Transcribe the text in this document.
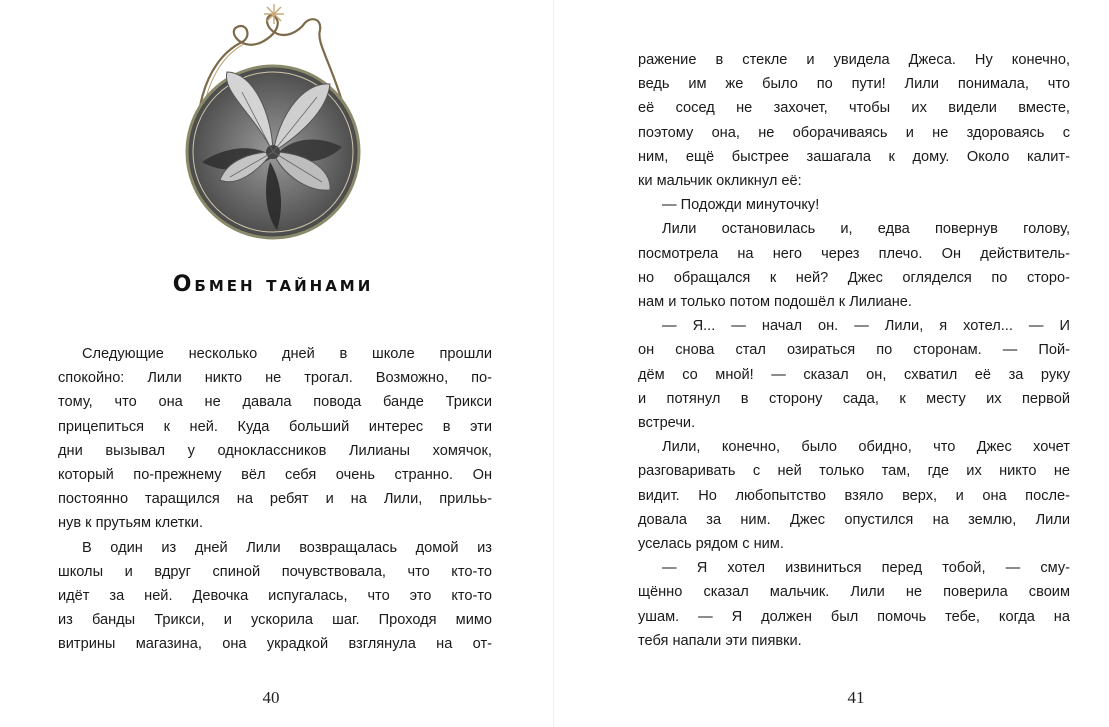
Обмен тайнами
Следующие несколько дней в школе прошли
спокойно: Лили никто не трогал. Возможно, по-
тому, что она не давала повода банде Трикси
прицепиться к ней. Куда больший интерес в эти
дни вызывал у одноклассников Лилианы хомячок,
который по-прежнему вёл себя очень странно. Он
постоянно таращился на ребят и на Лили, прильь-
нув к прутьям клетки.
В один из дней Лили возвращалась домой из
школы и вдруг спиной почувствовала, что кто-то
идёт за ней. Девочка испугалась, что это кто-то
из банды Трикси, и ускорила шаг. Проходя мимо
витрины магазина, она украдкой взглянула на от-
40
ражение в стекле и увидела Джеса. Ну конечно,
ведь им же было по пути! Лили понимала, что
её сосед не захочет, чтобы их видели вместе,
поэтому она, не оборачиваясь и не здороваясь с
ним, ещё быстрее зашагала к дому. Около калит-
ки мальчик окликнул её:
— Подожди минуточку!
Лили остановилась и, едва повернув голову,
посмотрела на него через плечо. Он действитель-
но обращался к ней? Джес огляделся по сторо-
нам и только потом подошёл к Лилиане.
— Я... — начал он. — Лили, я хотел... — И
он снова стал озираться по сторонам. — Пой-
дём со мной! — сказал он, схватил её за руку
и потянул в сторону сада, к месту их первой
встречи.
Лили, конечно, было обидно, что Джес хочет
разговаривать с ней только там, где их никто не
видит. Но любопытство взяло верх, и она после-
довала за ним. Джес опустился на землю, Лили
уселась рядом с ним.
— Я хотел извиниться перед тобой, — сму-
щённо сказал мальчик. Лили не поверила своим
ушам. — Я должен был помочь тебе, когда на
тебя напали эти пиявки.
41
